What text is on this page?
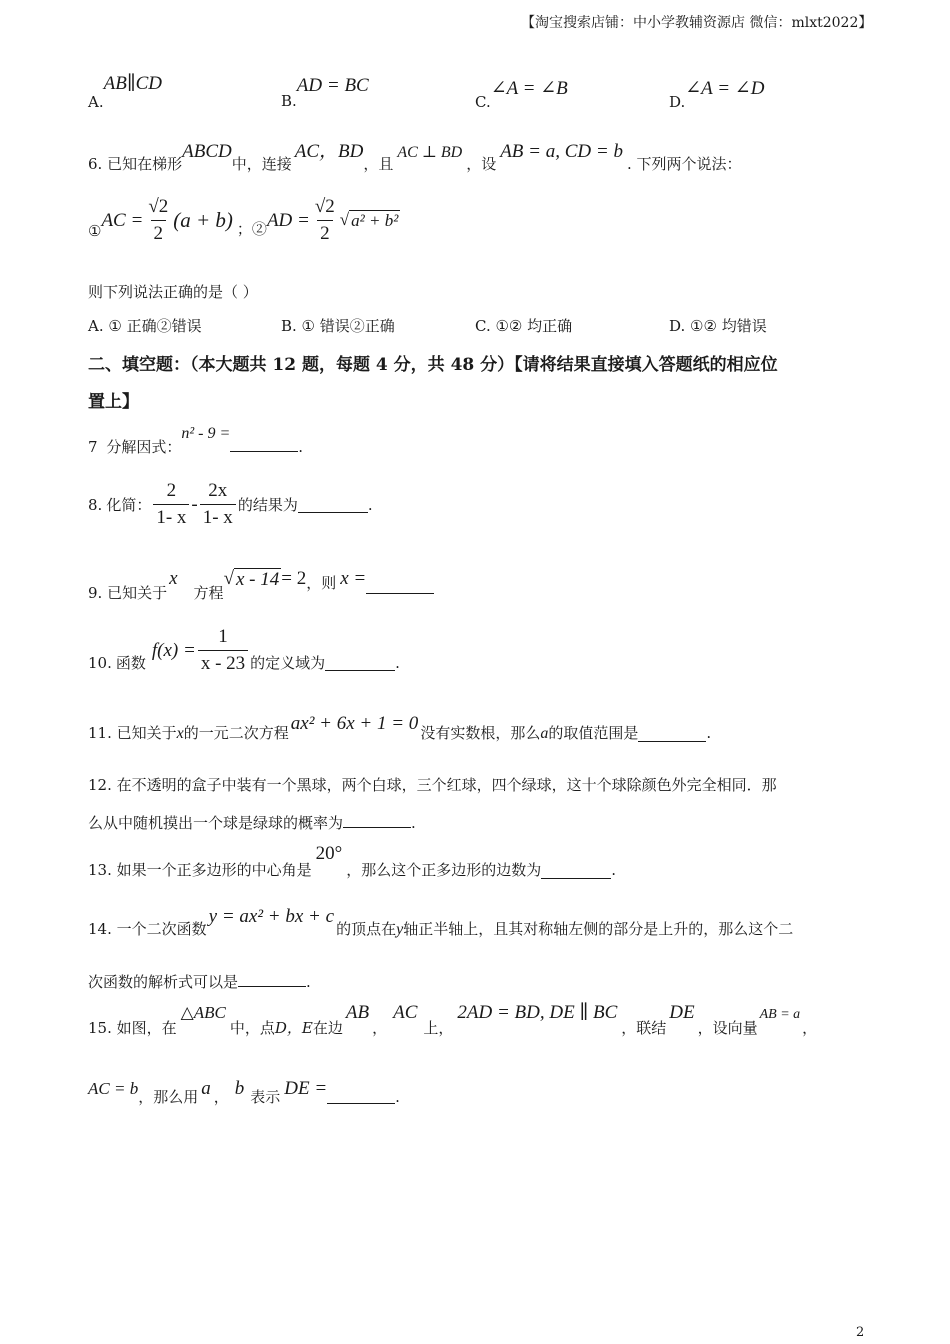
【淘宝搜索店铺：中小学教辅资源店 微信：mlxt2022】
A.AB∥CD
B.AD = BC
C.∠A = ∠B
D.∠A = ∠D
6. 已知在梯形ABCD中，连接AC，BD，且AC ⊥ BD，设AB = a, CD = b. 下列两个说法：
① AC = $\frac{√2}{2} (a + b)$ ；② AD = $\frac{√2}{2}$ √ a² + b²
则下列说法正确的是（ ）
A. ① 正确②错误	B. ① 错误②正确	C. ①② 均正确	D. ①② 均错误
二、填空题：（本大题共 12 题，每题 4 分，共 48 分）【请将结果直接填入答题纸的相应位
置上】
7 分解因式：n² - 9 =.
8. 化简： $\frac{2}{1- x} - \frac{2x}{1- x}$ 的结果为	.
9. 已知关于x方程
√ x - 14 = 2，则 x =
10. 函数
$f(x) = \frac{1}{x - 23}$ 的定义域为	.
11. 已知关于x的一元二次方程 ax² + 6x + 1 = 0 没有实数根，那么a的取值范围是	.
12. 在不透明的盒子中装有一个黑球，两个白球，三个红球，四个绿球，这十个球除颜色外完全相同．那
么从中随机摸出一个球是绿球的概率为	.
13. 如果一个正多边形的中心角是20°，那么这个正多边形的边数为	.
14. 一个二次函数y = ax² + bx + c的顶点在y轴正半轴上，且其对称轴左侧的部分是上升的，那么这个二
次函数的解析式可以是	.
15. 如图，在△ABC中，点D，E在边AB，AC上，2AD = BD, DE ∥ BC，联结DE，设向量AB = a，
AC = b，那么用 a ， b 表示 DE =	.
2
